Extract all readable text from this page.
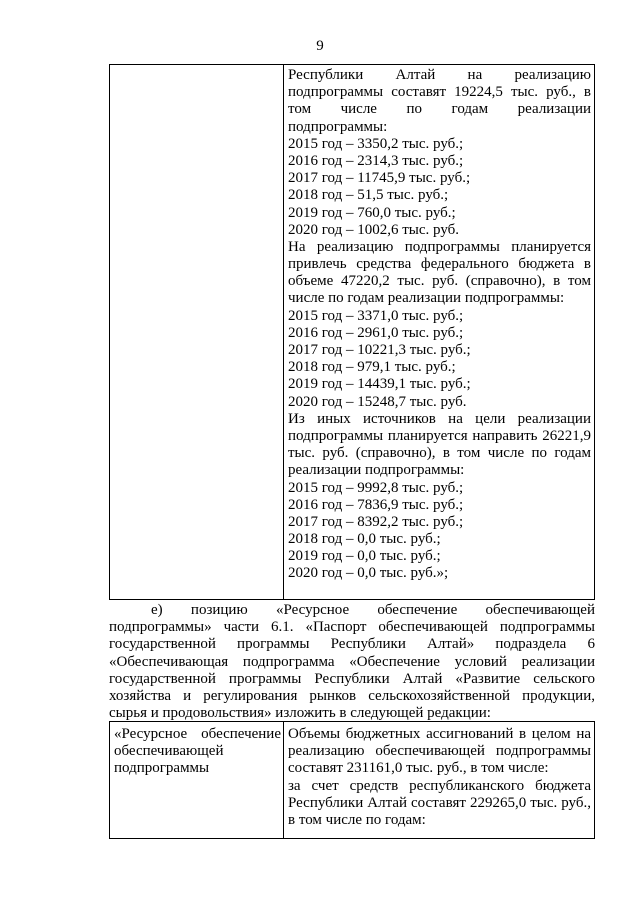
9
Республики Алтай на реализацию
подпрограммы составят 19224,5 тыс. руб., в
том числе по годам реализации
подпрограммы:
2015 год – 3350,2 тыс. руб.;
2016 год – 2314,3 тыс. руб.;
2017 год – 11745,9 тыс. руб.;
2018 год – 51,5 тыс. руб.;
2019 год – 760,0 тыс. руб.;
2020 год – 1002,6 тыс. руб.
На реализацию подпрограммы планируется
привлечь средства федерального бюджета в
объеме 47220,2 тыс. руб. (справочно), в том
числе по годам реализации подпрограммы:
2015 год – 3371,0 тыс. руб.;
2016 год – 2961,0 тыс. руб.;
2017 год – 10221,3 тыс. руб.;
2018 год – 979,1 тыс. руб.;
2019 год – 14439,1 тыс. руб.;
2020 год – 15248,7 тыс. руб.
Из иных источников на цели реализации
подпрограммы планируется направить 26221,9
тыс. руб. (справочно), в том числе по годам
реализации подпрограммы:
2015 год – 9992,8 тыс. руб.;
2016 год – 7836,9 тыс. руб.;
2017 год – 8392,2 тыс. руб.;
2018 год – 0,0 тыс. руб.;
2019 год – 0,0 тыс. руб.;
2020 год – 0,0 тыс. руб.»;
е) позицию «Ресурсное обеспечение обеспечивающей
подпрограммы» части 6.1. «Паспорт обеспечивающей подпрограммы
государственной программы Республики Алтай» подраздела 6
«Обеспечивающая подпрограмма «Обеспечение условий реализации
государственной программы Республики Алтай «Развитие сельского
хозяйства и регулирования рынков сельскохозяйственной продукции,
сырья и продовольствия» изложить в следующей редакции:
«Ресурсное обеспечение
обеспечивающей
подпрограммы
Объемы бюджетных ассигнований в целом на
реализацию обеспечивающей подпрограммы
составят 231161,0 тыс. руб., в том числе:
за счет средств республиканского бюджета
Республики Алтай составят 229265,0 тыс. руб.,
в том числе по годам:
